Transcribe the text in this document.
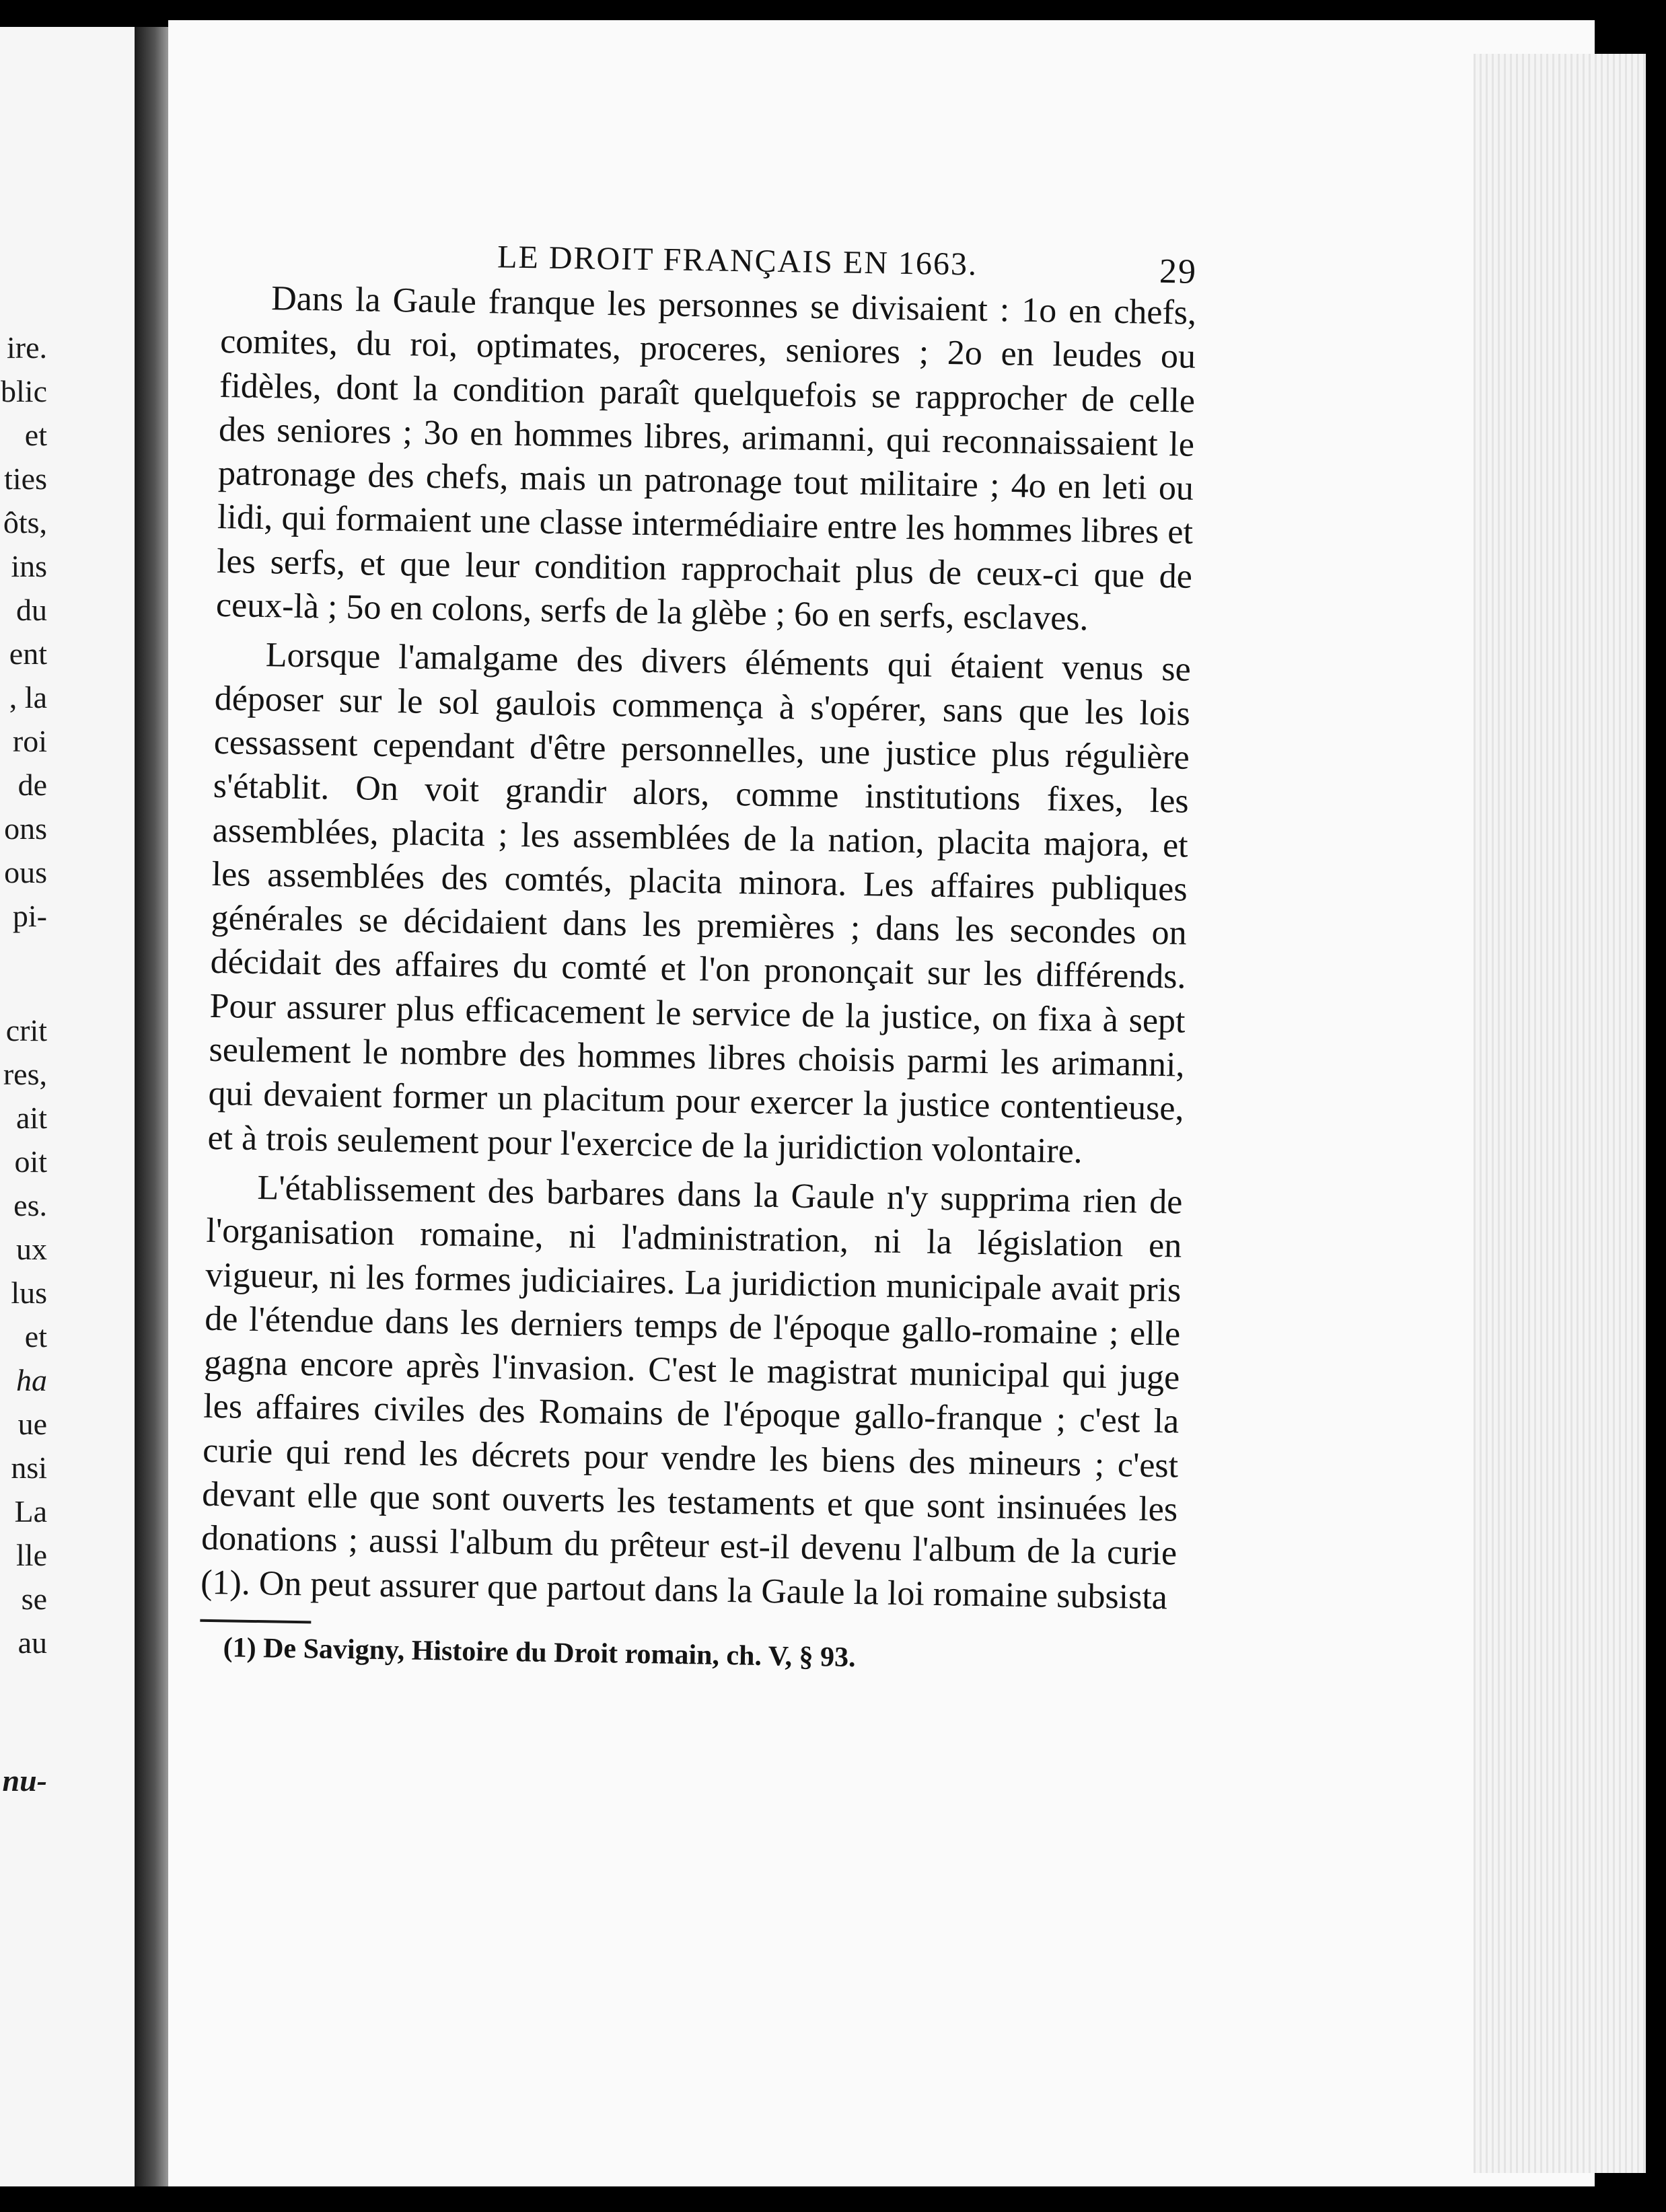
ire.
blic
et
ties
ôts,
ins
du
ent
, la
roi
de
ons
ous
pi-
crit
res,
ait
oit
es.
ux
lus
et
ha
ue
nsi
La
lle
se
au
nu-
LE DROIT FRANÇAIS EN 1663.	29

Dans la Gaule franque les personnes se divisaient : 1o en chefs, comites, du roi, optimates, proceres, seniores ; 2o en leudes ou fidèles, dont la condition paraît quelquefois se rapprocher de celle des seniores ; 3o en hommes libres, arimanni, qui reconnaissaient le patronage des chefs, mais un patronage tout militaire ; 4o en leti ou lidi, qui formaient une classe intermédiaire entre les hommes libres et les serfs, et que leur condition rapprochait plus de ceux-ci que de ceux-là ; 5o en colons, serfs de la glèbe ; 6o en serfs, esclaves.

Lorsque l'amalgame des divers éléments qui étaient venus se déposer sur le sol gaulois commença à s'opérer, sans que les lois cessassent cependant d'être personnelles, une justice plus régulière s'établit. On voit grandir alors, comme institutions fixes, les assemblées, placita ; les assemblées de la nation, placita majora, et les assemblées des comtés, placita minora. Les affaires publiques générales se décidaient dans les premières ; dans les secondes on décidait des affaires du comté et l'on prononçait sur les différends. Pour assurer plus efficacement le service de la justice, on fixa à sept seulement le nombre des hommes libres choisis parmi les arimanni, qui devaient former un placitum pour exercer la justice contentieuse, et à trois seulement pour l'exercice de la juridiction volontaire.

L'établissement des barbares dans la Gaule n'y supprima rien de l'organisation romaine, ni l'administration, ni la législation en vigueur, ni les formes judiciaires. La juridiction municipale avait pris de l'étendue dans les derniers temps de l'époque gallo-romaine ; elle gagna encore après l'invasion. C'est le magistrat municipal qui juge les affaires civiles des Romains de l'époque gallo-franque ; c'est la curie qui rend les décrets pour vendre les biens des mineurs ; c'est devant elle que sont ouverts les testaments et que sont insinuées les donations ; aussi l'album du prêteur est-il devenu l'album de la curie (1). On peut assurer que partout dans la Gaule la loi romaine subsista

(1) De Savigny, Histoire du Droit romain, ch. V, § 93.
